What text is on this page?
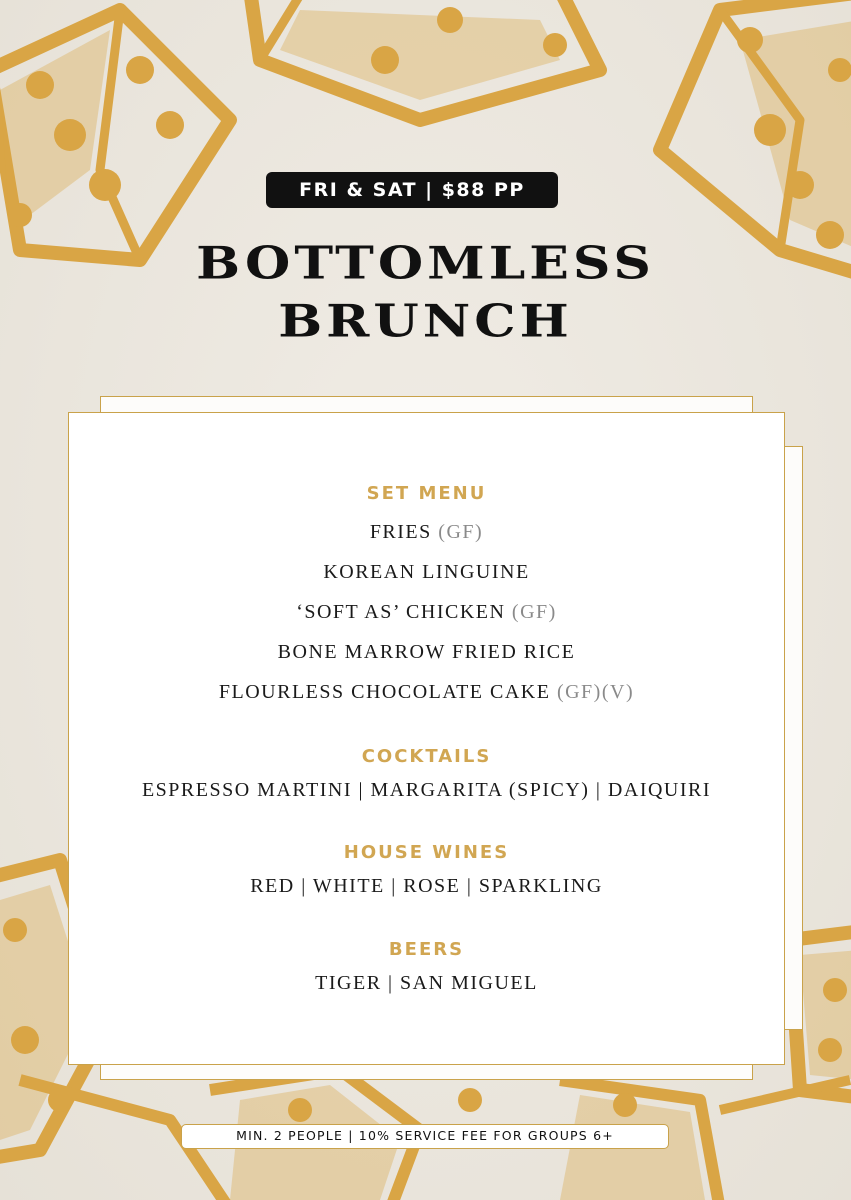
FRI & SAT | $88 PP
BOTTOMLESS
BRUNCH
SET MENU
FRIES (GF)
KOREAN LINGUINE
‘SOFT AS’ CHICKEN (GF)
BONE MARROW FRIED RICE
FLOURLESS CHOCOLATE CAKE (GF)(V)
COCKTAILS
ESPRESSO MARTINI | MARGARITA (SPICY) | DAIQUIRI
HOUSE WINES
RED | WHITE | ROSE | SPARKLING
BEERS
TIGER | SAN MIGUEL
MIN. 2 PEOPLE | 10% SERVICE FEE FOR GROUPS 6+
